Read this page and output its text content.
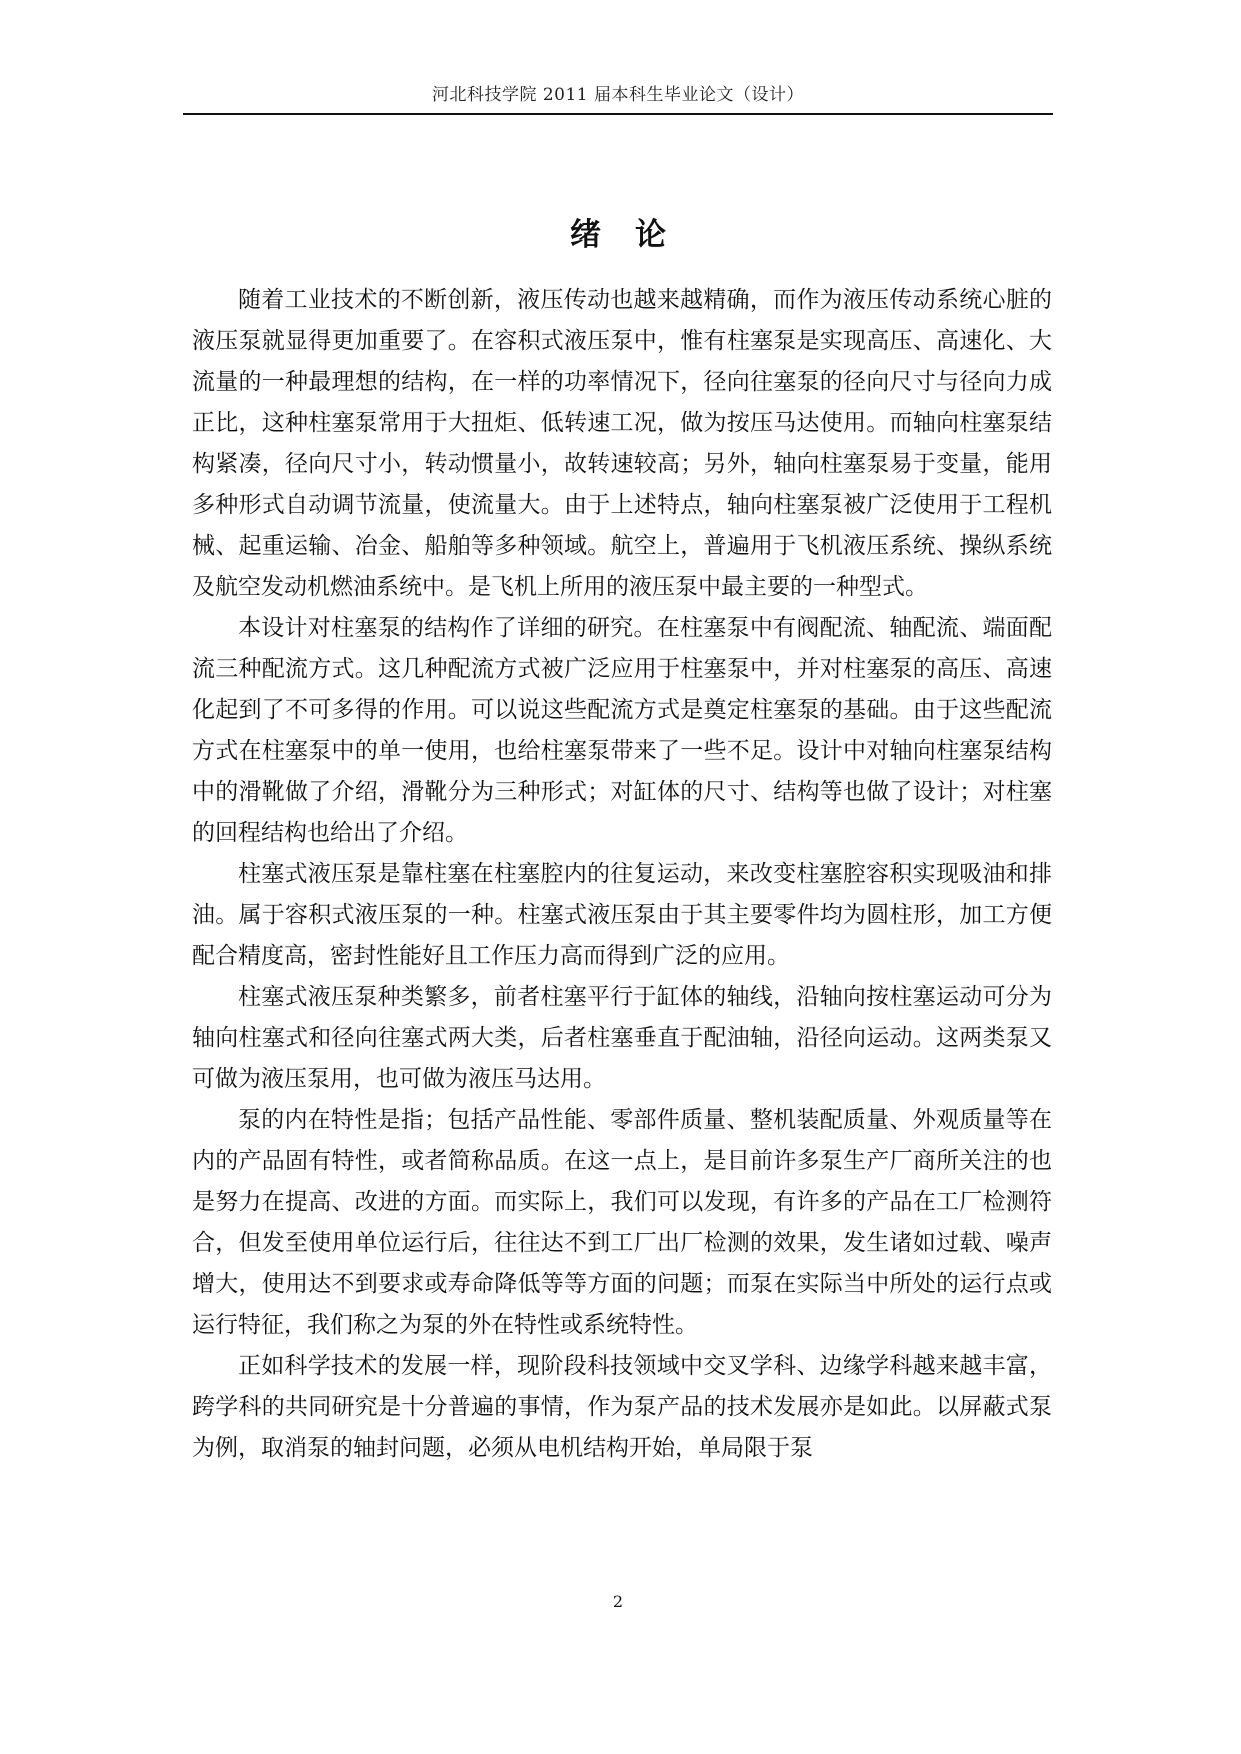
河北科技学院 2011 届本科生毕业论文（设计）
绪论

随着工业技术的不断创新，液压传动也越来越精确，而作为液压传动系统心脏的液压泵就显得更加重要了。在容积式液压泵中，惟有柱塞泵是实现高压、高速化、大流量的一种最理想的结构，在一样的功率情况下，径向往塞泵的径向尺寸与径向力成正比，这种柱塞泵常用于大扭炬、低转速工况，做为按压马达使用。而轴向柱塞泵结构紧凑，径向尺寸小，转动惯量小，故转速较高；另外，轴向柱塞泵易于变量，能用多种形式自动调节流量，使流量大。由于上述特点，轴向柱塞泵被广泛使用于工程机械、起重运输、冶金、船舶等多种领域。航空上，普遍用于飞机液压系统、操纵系统及航空发动机燃油系统中。是飞机上所用的液压泵中最主要的一种型式。

本设计对柱塞泵的结构作了详细的研究。在柱塞泵中有阀配流、轴配流、端面配流三种配流方式。这几种配流方式被广泛应用于柱塞泵中，并对柱塞泵的高压、高速化起到了不可多得的作用。可以说这些配流方式是奠定柱塞泵的基础。由于这些配流方式在柱塞泵中的单一使用，也给柱塞泵带来了一些不足。设计中对轴向柱塞泵结构中的滑靴做了介绍，滑靴分为三种形式；对缸体的尺寸、结构等也做了设计；对柱塞的回程结构也给出了介绍。

柱塞式液压泵是靠柱塞在柱塞腔内的往复运动，来改变柱塞腔容积实现吸油和排油。属于容积式液压泵的一种。柱塞式液压泵由于其主要零件均为圆柱形，加工方便配合精度高，密封性能好且工作压力高而得到广泛的应用。

柱塞式液压泵种类繁多，前者柱塞平行于缸体的轴线，沿轴向按柱塞运动可分为轴向柱塞式和径向往塞式两大类，后者柱塞垂直于配油轴，沿径向运动。这两类泵又可做为液压泵用，也可做为液压马达用。

泵的内在特性是指；包括产品性能、零部件质量、整机装配质量、外观质量等在内的产品固有特性，或者简称品质。在这一点上，是目前许多泵生产厂商所关注的也是努力在提高、改进的方面。而实际上，我们可以发现，有许多的产品在工厂检测符合，但发至使用单位运行后，往往达不到工厂出厂检测的效果，发生诸如过载、噪声增大，使用达不到要求或寿命降低等等方面的问题；而泵在实际当中所处的运行点或运行特征，我们称之为泵的外在特性或系统特性。

正如科学技术的发展一样，现阶段科技领域中交叉学科、边缘学科越来越丰富，跨学科的共同研究是十分普遍的事情，作为泵产品的技术发展亦是如此。以屏蔽式泵为例，取消泵的轴封问题，必须从电机结构开始，单局限于泵

2
